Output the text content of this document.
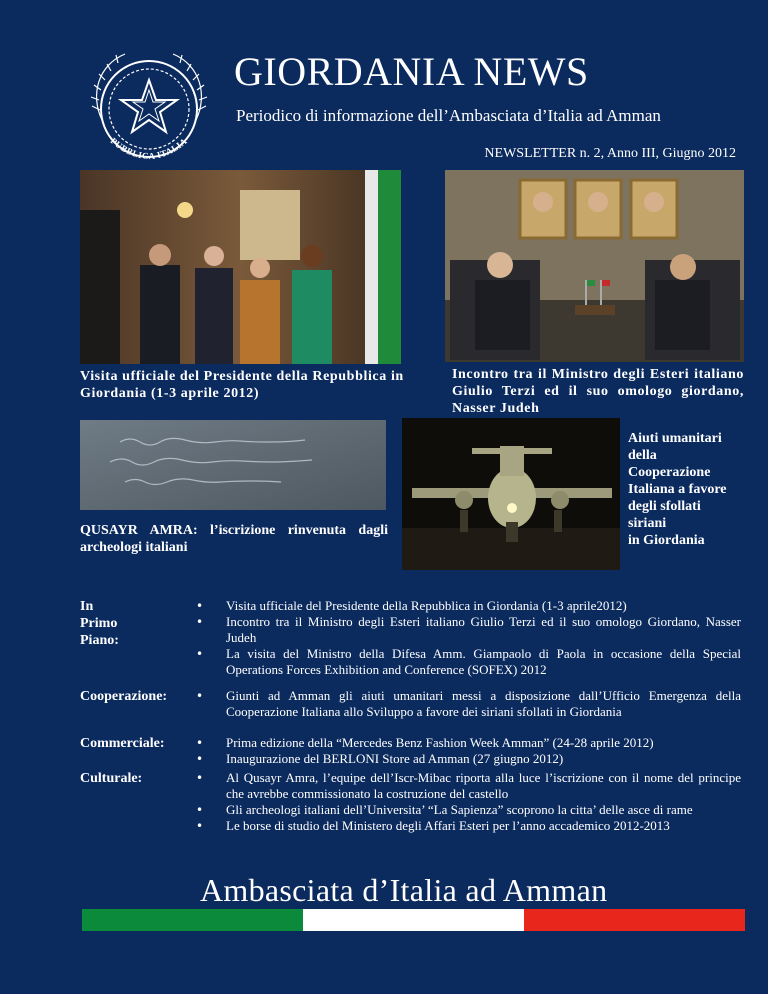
PUBBLICA ITALIA
GIORDANIA NEWS
Periodico di informazione dell’Ambasciata d’Italia ad Amman
NEWSLETTER n. 2, Anno III, Giugno 2012
Visita ufficiale del Presidente della Repubblica in Giordania (1-3 aprile 2012)
Incontro tra il Ministro degli Esteri italiano Giulio Terzi ed il suo omologo giordano, Nasser Judeh
QUSAYR AMRA: l’iscrizione rinvenuta dagli archeologi italiani
Aiuti umanitari
della
Cooperazione
Italiana a favore
degli sfollati
siriani
in Giordania
In
Primo
Piano:
• Visita ufficiale del Presidente della Repubblica in Giordania (1-3 aprile2012)
• Incontro tra il Ministro degli Esteri italiano Giulio Terzi ed il suo omologo Giordano, Nasser Judeh
• La visita del Ministro della Difesa Amm. Giampaolo di Paola in occasione della Special Operations Forces Exhibition and Conference (SOFEX) 2012
Cooperazione:	• Giunti ad Amman gli aiuti umanitari messi a disposizione dall’Ufficio Emergenza della Cooperazione Italiana allo Sviluppo a favore dei siriani sfollati in Giordania
Commerciale:	• Prima edizione della “Mercedes Benz Fashion Week Amman” (24-28 aprile 2012)
• Inaugurazione del BERLONI Store ad Amman (27 giugno 2012)
Culturale:	• Al Qusayr Amra, l’equipe dell’Iscr-Mibac riporta alla luce l’iscrizione con il nome del principe che avrebbe commissionato la costruzione del castello
• Gli archeologi italiani dell’Universita’ “La Sapienza” scoprono la citta’ delle asce di rame
• Le borse di studio del Ministero degli Affari Esteri per l’anno accademico 2012-2013
Ambasciata d’Italia ad Amman
